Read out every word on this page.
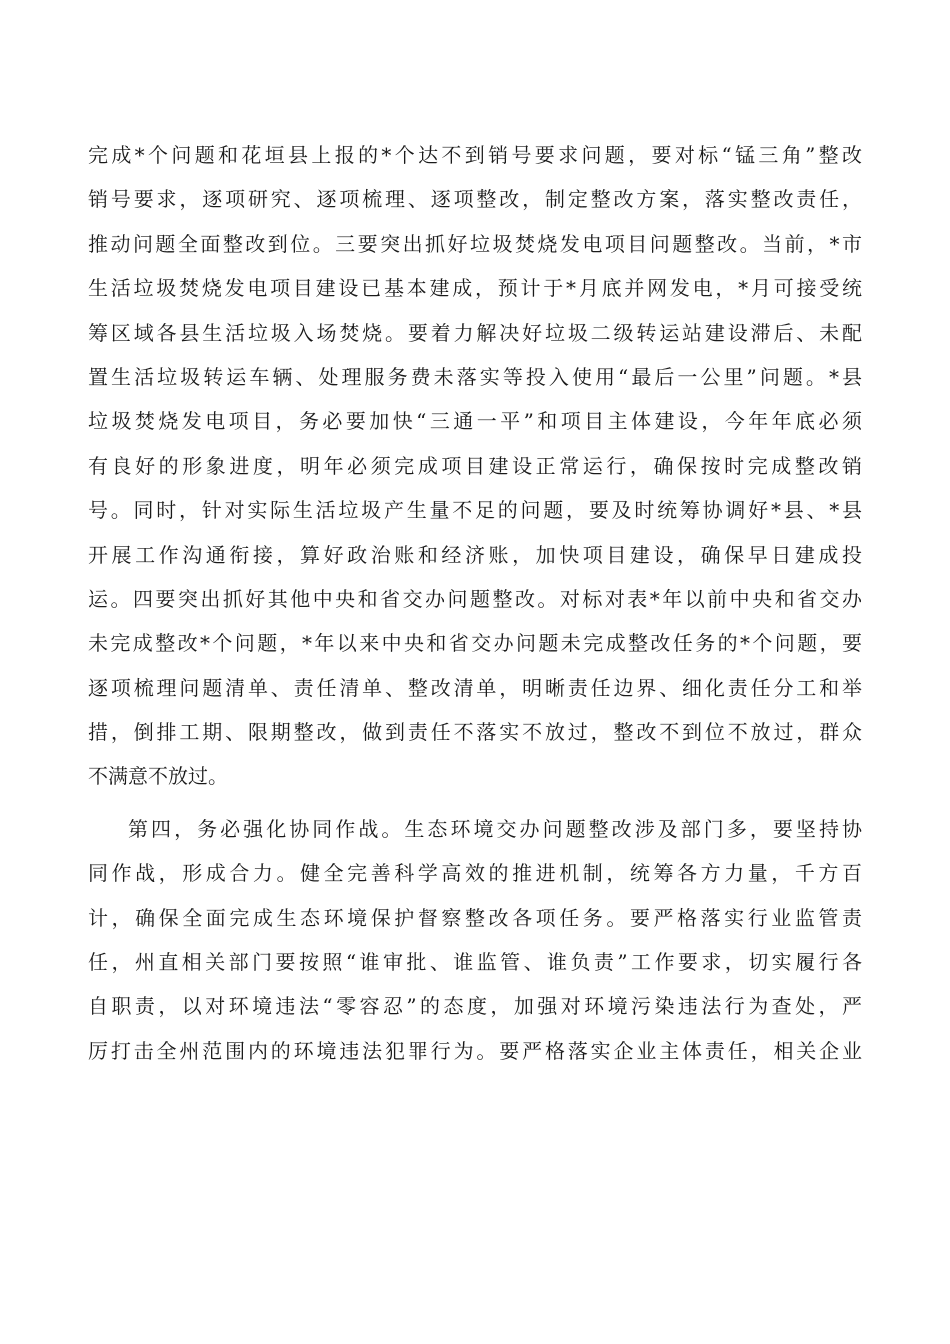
完成*个问题和花垣县上报的*个达不到销号要求问题，要对标“锰三角”整改
销号要求，逐项研究、逐项梳理、逐项整改，制定整改方案，落实整改责任，
推动问题全面整改到位。三要突出抓好垃圾焚烧发电项目问题整改。当前，*市
生活垃圾焚烧发电项目建设已基本建成，预计于*月底并网发电，*月可接受统
筹区域各县生活垃圾入场焚烧。要着力解决好垃圾二级转运站建设滞后、未配
置生活垃圾转运车辆、处理服务费未落实等投入使用“最后一公里”问题。*县
垃圾焚烧发电项目，务必要加快“三通一平”和项目主体建设，今年年底必须
有良好的形象进度，明年必须完成项目建设正常运行，确保按时完成整改销
号。同时，针对实际生活垃圾产生量不足的问题，要及时统筹协调好*县、*县
开展工作沟通衔接，算好政治账和经济账，加快项目建设，确保早日建成投
运。四要突出抓好其他中央和省交办问题整改。对标对表*年以前中央和省交办
未完成整改*个问题，*年以来中央和省交办问题未完成整改任务的*个问题，要
逐项梳理问题清单、责任清单、整改清单，明晰责任边界、细化责任分工和举
措，倒排工期、限期整改，做到责任不落实不放过，整改不到位不放过，群众
不满意不放过。
第四，务必强化协同作战。生态环境交办问题整改涉及部门多，要坚持协
同作战，形成合力。健全完善科学高效的推进机制，统筹各方力量，千方百
计，确保全面完成生态环境保护督察整改各项任务。要严格落实行业监管责
任，州直相关部门要按照“谁审批、谁监管、谁负责”工作要求，切实履行各
自职责，以对环境违法“零容忍”的态度，加强对环境污染违法行为查处，严
厉打击全州范围内的环境违法犯罪行为。要严格落实企业主体责任，相关企业
